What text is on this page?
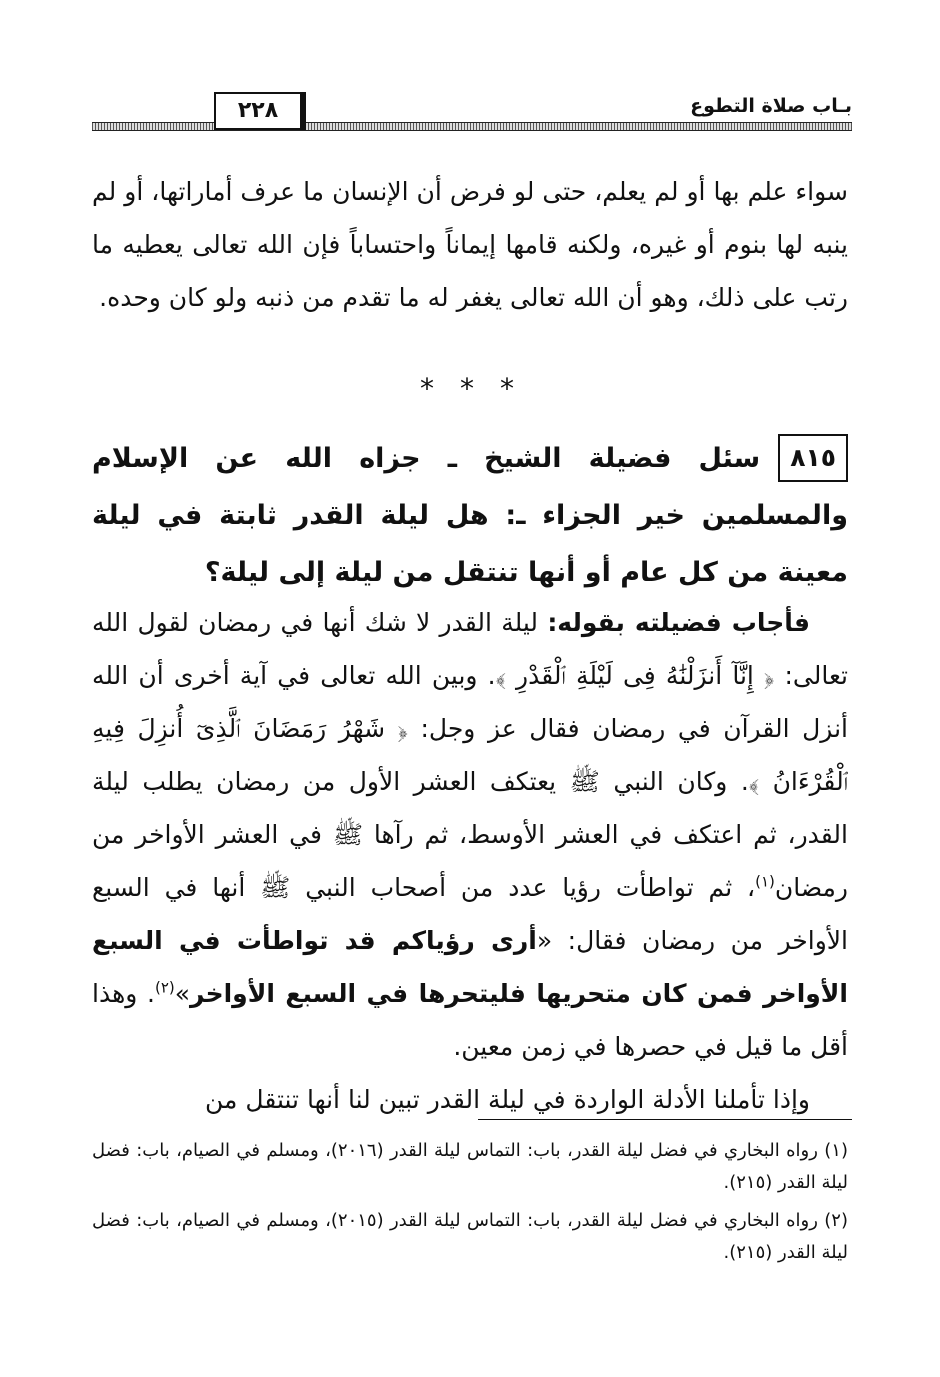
بـاب صلاة التطوع
٢٢٨
سواء علم بها أو لم يعلم، حتى لو فرض أن الإنسان ما عرف أماراتها، أو لم ينبه لها بنوم أو غيره، ولكنه قامها إيماناً واحتساباً فإن الله تعالى يعطيه ما رتب على ذلك، وهو أن الله تعالى يغفر له ما تقدم من ذنبه ولو كان وحده.
***
٨١٥
سئل فضيلة الشيخ ـ جزاه الله عن الإسلام والمسلمين خير الجزاء ـ: هل ليلة القدر ثابتة في ليلة معينة من كل عام أو أنها تنتقل من ليلة إلى ليلة؟
فأجاب فضيلته بقوله: ليلة القدر لا شك أنها في رمضان لقول الله تعالى: ﴿ إِنَّآ أَنزَلْنَٰهُ فِى لَيْلَةِ ٱلْقَدْرِ ﴾. وبين الله تعالى في آية أخرى أن الله أنزل القرآن في رمضان فقال عز وجل: ﴿ شَهْرُ رَمَضَانَ ٱلَّذِىٓ أُنزِلَ فِيهِ ٱلْقُرْءَانُ ﴾. وكان النبي ﷺ يعتكف العشر الأول من رمضان يطلب ليلة القدر، ثم اعتكف في العشر الأوسط، ثم رآها ﷺ في العشر الأواخر من رمضان$^{(١)}$، ثم تواطأت رؤيا عدد من أصحاب النبي ﷺ أنها في السبع الأواخر من رمضان فقال: «أرى رؤياكم قد تواطأت في السبع الأواخر فمن كان متحريها فليتحرها في السبع الأواخر»$^{(٢)}$. وهذا أقل ما قيل في حصرها في زمن معين.
وإذا تأملنا الأدلة الواردة في ليلة القدر تبين لنا أنها تنتقل من
(١) رواه البخاري في فضل ليلة القدر، باب: التماس ليلة القدر (٢٠١٦)، ومسلم في الصيام، باب: فضل ليلة القدر (٢١٥).
(٢) رواه البخاري في فضل ليلة القدر، باب: التماس ليلة القدر (٢٠١٥)، ومسلم في الصيام، باب: فضل ليلة القدر (٢١٥).
